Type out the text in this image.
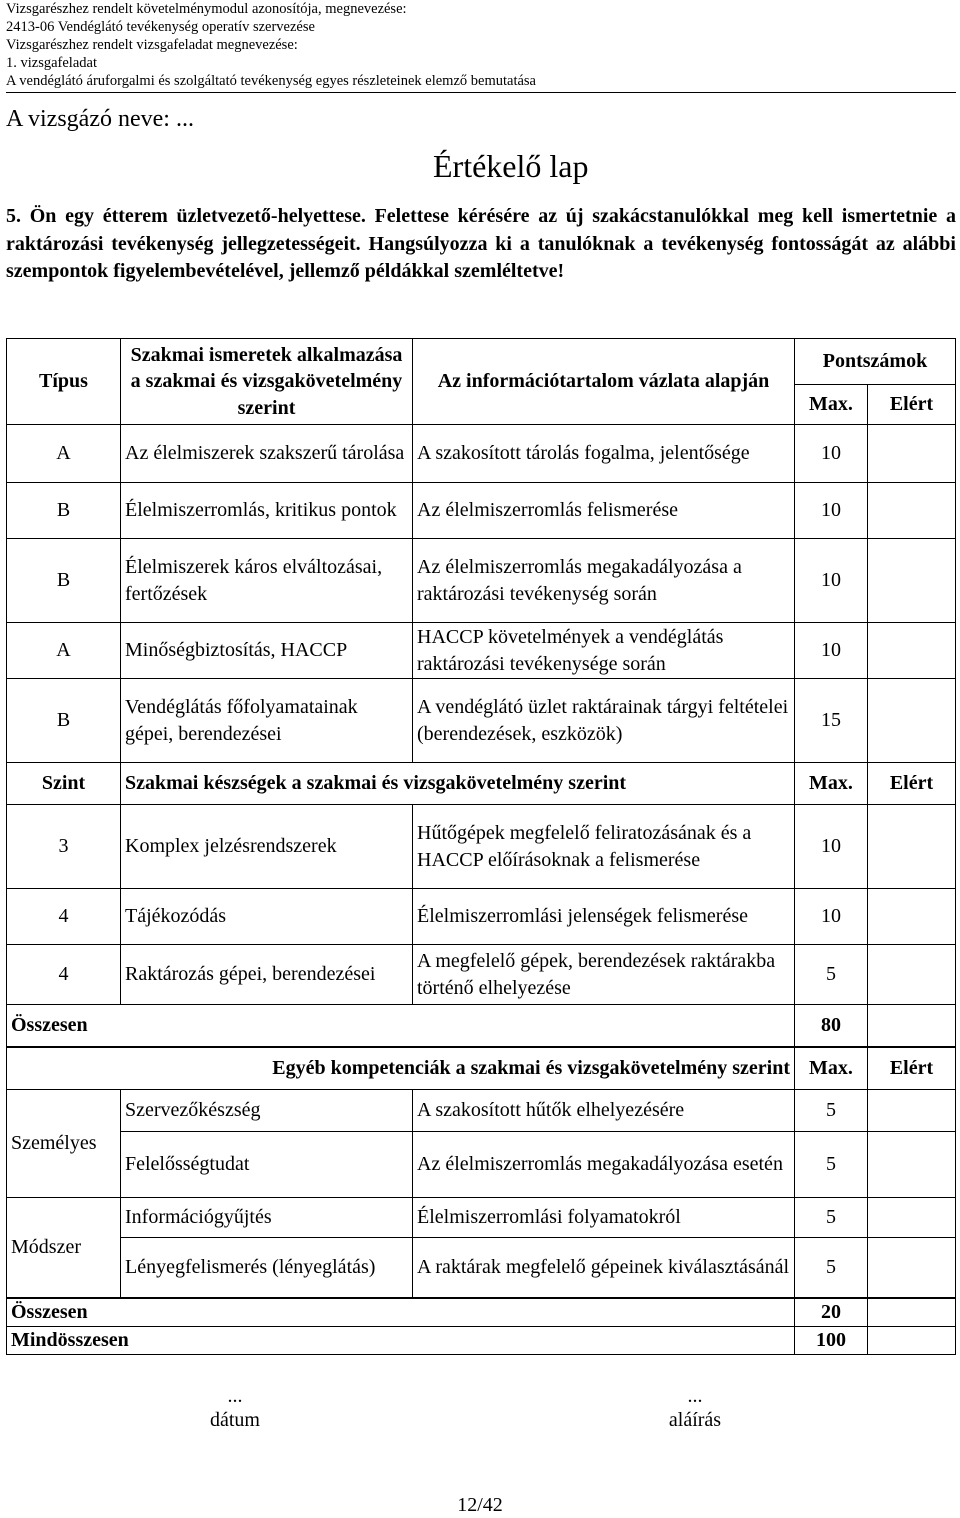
Vizsgarészhez rendelt követelménymodul azonosítója, megnevezése:
2413-06 Vendéglátó tevékenység operatív szervezése
Vizsgarészhez rendelt vizsgafeladat megnevezése:
1. vizsgafeladat
A vendéglátó áruforgalmi és szolgáltató tevékenység egyes részleteinek elemző bemutatása
A vizsgázó neve: ...
Értékelő lap

5. Ön egy étterem üzletvezető-helyettese. Felettese kérésére az új szakácstanulókkal meg kell ismertetnie a raktározási tevékenység jellegzetességeit. Hangsúlyozza ki a tanulóknak a tevékenység fontosságát az alábbi szempontok figyelembevételével, jellemző példákkal szemléltetve!

Típus	Szakmai ismeretek alkalmazása a szakmai és vizsgakövetelmény szerint	Az információtartalom vázlata alapján	Pontszámok	
			Max.	Elért
A	Az élelmiszerek szakszerű tárolása	A szakosított tárolás fogalma, jelentősége	10	
B	Élelmiszerromlás, kritikus pontok	Az élelmiszerromlás felismerése	10	
B	Élelmiszerek káros elváltozásai, fertőzések	Az élelmiszerromlás megakadályozása a raktározási tevékenység során	10	
A	Minőségbiztosítás, HACCP	HACCP követelmények a vendéglátás raktározási tevékenysége során	10	
B	Vendéglátás főfolyamatainak gépei, berendezései	A vendéglátó üzlet raktárainak tárgyi feltételei (berendezések, eszközök)	15	
Szint	Szakmai készségek a szakmai és vizsgakövetelmény szerint		Max.	Elért
3	Komplex jelzésrendszerek	Hűtőgépek megfelelő feliratozásának és a HACCP előírásoknak a felismerése	10	
4	Tájékozódás	Élelmiszerromlási jelenségek felismerése	10	
4	Raktározás gépei, berendezései	A megfelelő gépek, berendezések raktárakba történő elhelyezése	5	
Összesen			80	
Egyéb kompetenciák a szakmai és vizsgakövetelmény szerint			Max.	Elért
Személyes	Szervezőkészség	A szakosított hűtők elhelyezésére	5	
	Felelősségtudat	Az élelmiszerromlás megakadályozása esetén	5	
Módszer	Információgyűjtés	Élelmiszerromlási folyamatokról	5	
	Lényegfelismerés (lényeglátás)	A raktárak megfelelő gépeinek kiválasztásánál	5	
Összesen	20	
Mindösszesen	100	
...
dátum
...
aláírás
12/42
